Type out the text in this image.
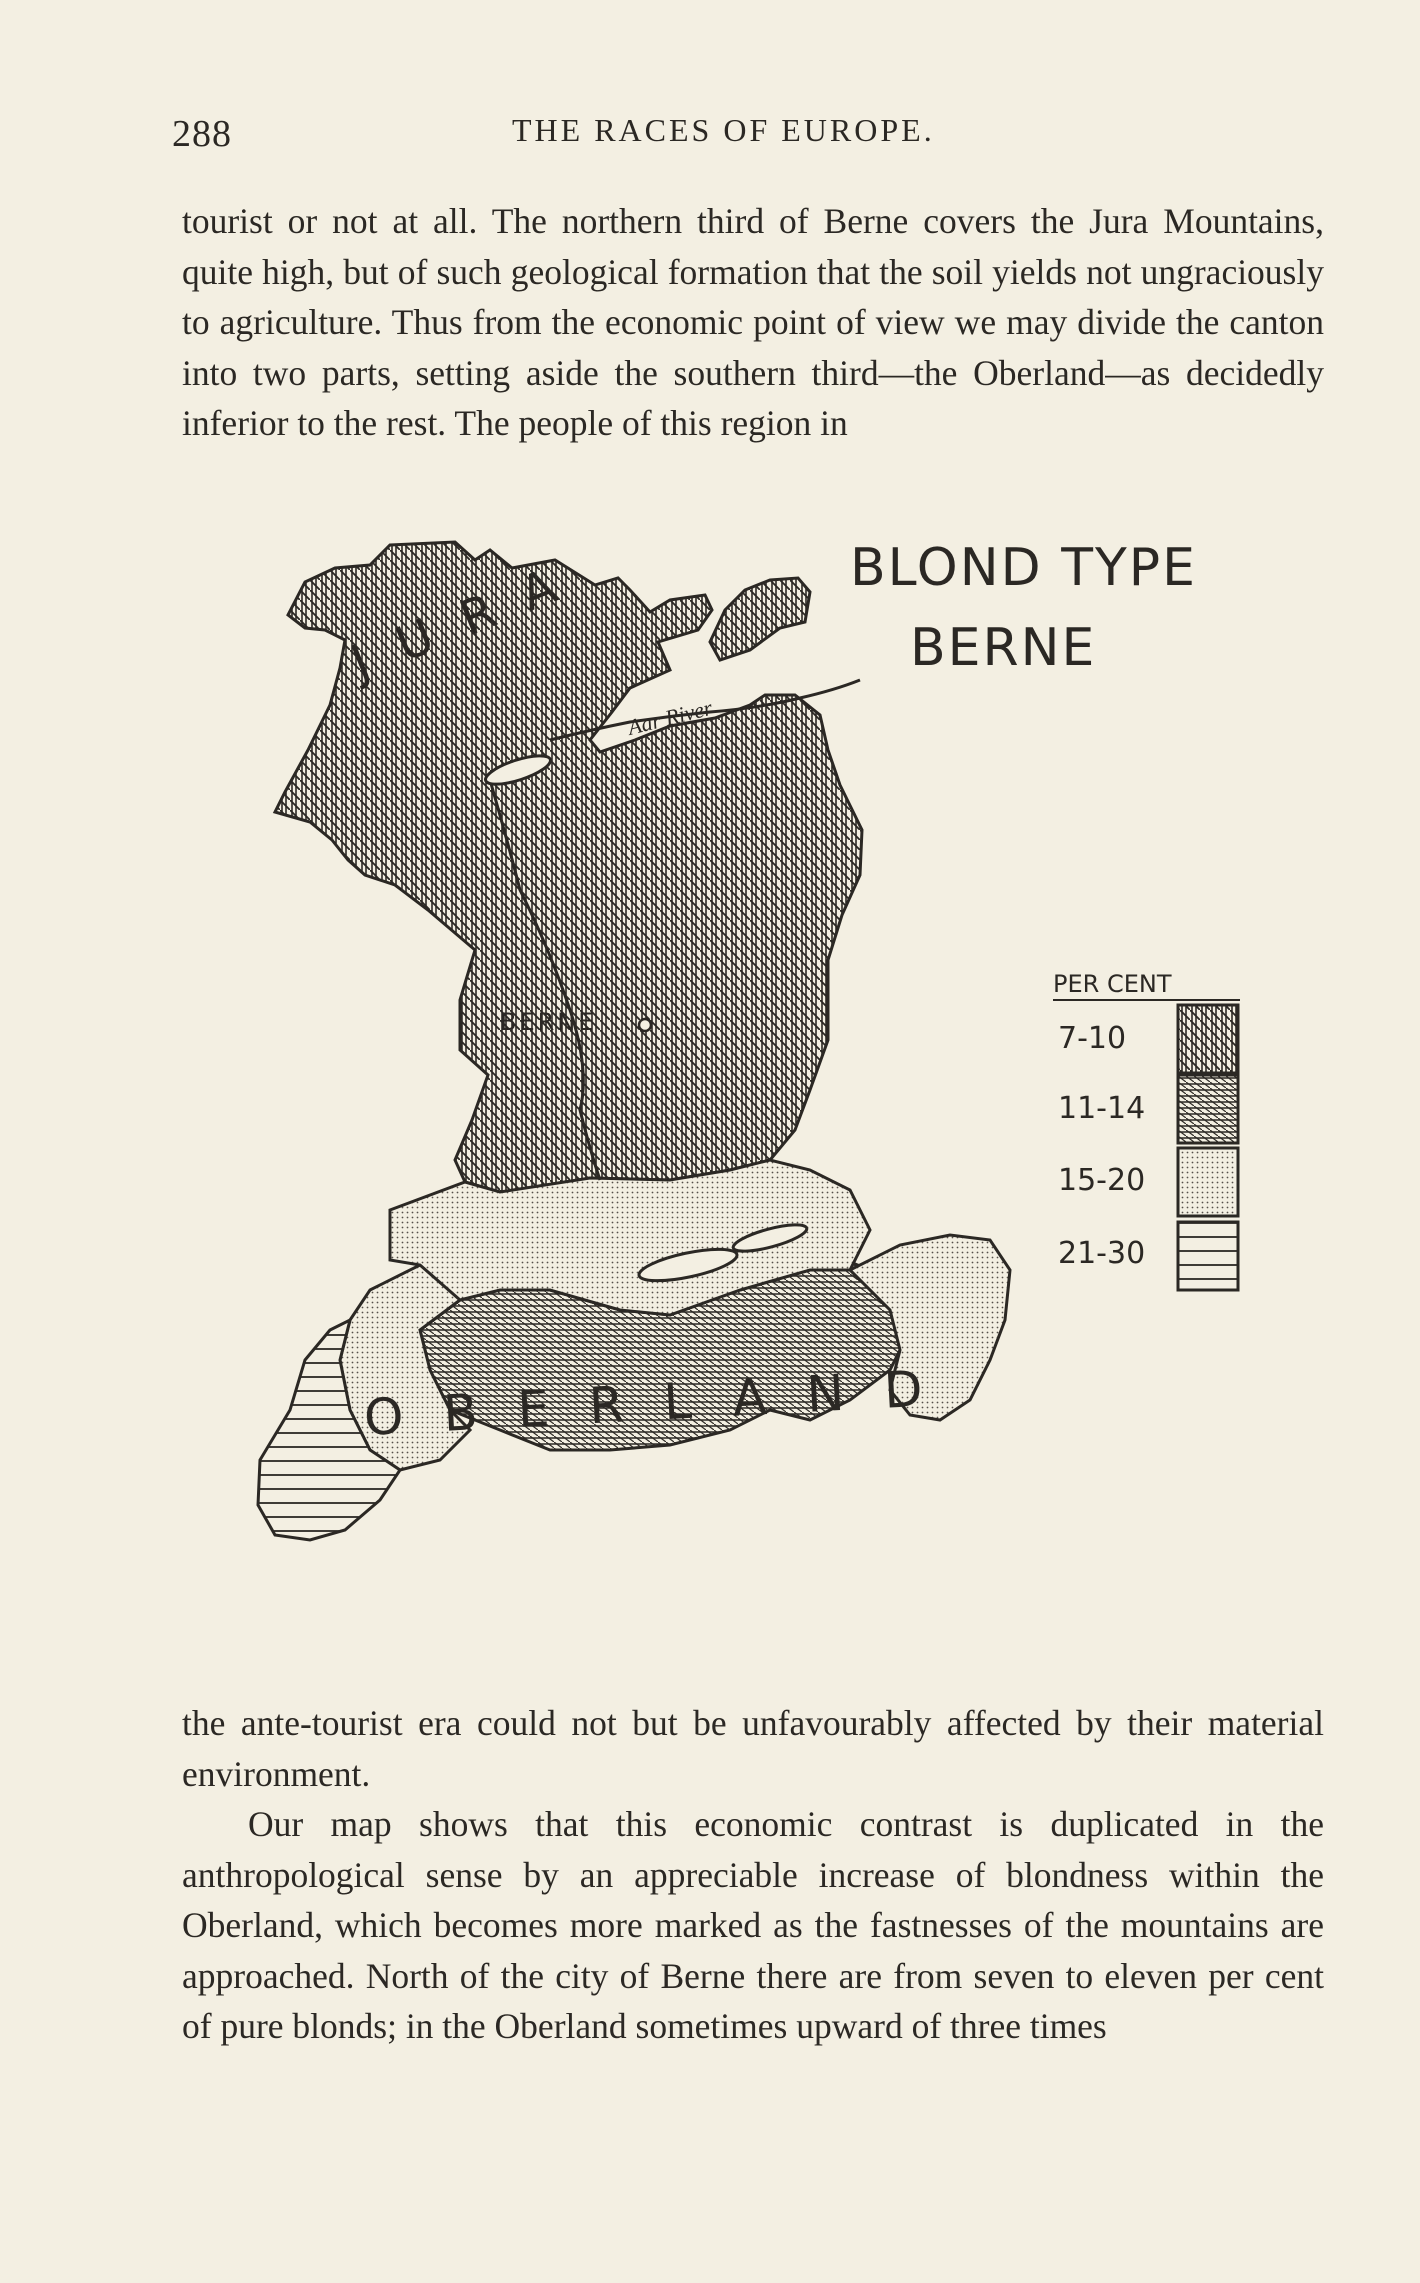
288	THE RACES OF EUROPE.

tourist or not at all. The northern third of Berne covers the Jura Mountains, quite high, but of such geological formation that the soil yields not ungraciously to agriculture. Thus from the economic point of view we may divide the canton into two parts, setting aside the southern third—the Oberland—as decidedly inferior to the rest. The people of this region in

BLOND TYPE
BERNE
JURA
Aar River
BERNE
OBERLAND
PER CENT
7-10
11-14
15-20
21-30

the ante-tourist era could not but be unfavourably affected by their material environment.

Our map shows that this economic contrast is duplicated in the anthropological sense by an appreciable increase of blondness within the Oberland, which becomes more marked as the fastnesses of the mountains are approached. North of the city of Berne there are from seven to eleven per cent of pure blonds; in the Oberland sometimes upward of three times
